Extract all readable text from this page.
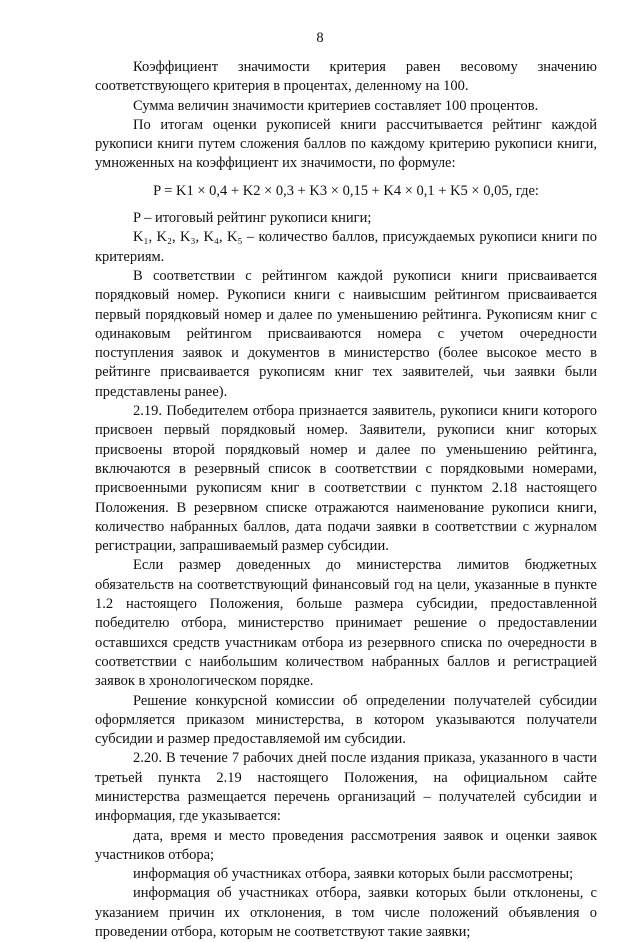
8

Коэффициент значимости критерия равен весовому значению соответствующего критерия в процентах, деленному на 100.

Сумма величин значимости критериев составляет 100 процентов.

По итогам оценки рукописей книги рассчитывается рейтинг каждой рукописи книги путем сложения баллов по каждому критерию рукописи книги, умноженных на коэффициент их значимости, по формуле:

P = K1 × 0,4 + K2 × 0,3 + K3 × 0,15 + K4 × 0,1 + K5 × 0,05, где:

P – итоговый рейтинг рукописи книги;

K₁, K₂, K₃, K₄, K₅ – количество баллов, присуждаемых рукописи книги по критериям.

В соответствии с рейтингом каждой рукописи книги присваивается порядковый номер. Рукописи книги с наивысшим рейтингом присваивается первый порядковый номер и далее по уменьшению рейтинга. Рукописям книг с одинаковым рейтингом присваиваются номера с учетом очередности поступления заявок и документов в министерство (более высокое место в рейтинге присваивается рукописям книг тех заявителей, чьи заявки были представлены ранее).

2.19. Победителем отбора признается заявитель, рукописи книги которого присвоен первый порядковый номер. Заявители, рукописи книг которых присвоены второй порядковый номер и далее по уменьшению рейтинга, включаются в резервный список в соответствии с порядковыми номерами, присвоенными рукописям книг в соответствии с пунктом 2.18 настоящего Положения. В резервном списке отражаются наименование рукописи книги, количество набранных баллов, дата подачи заявки в соответствии с журналом регистрации, запрашиваемый размер субсидии.

Если размер доведенных до министерства лимитов бюджетных обязательств на соответствующий финансовый год на цели, указанные в пункте 1.2 настоящего Положения, больше размера субсидии, предоставленной победителю отбора, министерство принимает решение о предоставлении оставшихся средств участникам отбора из резервного списка по очередности в соответствии с наибольшим количеством набранных баллов и регистрацией заявок в хронологическом порядке.

Решение конкурсной комиссии об определении получателей субсидии оформляется приказом министерства, в котором указываются получатели субсидии и размер предоставляемой им субсидии.

2.20. В течение 7 рабочих дней после издания приказа, указанного в части третьей пункта 2.19 настоящего Положения, на официальном сайте министерства размещается перечень организаций – получателей субсидии и информация, где указывается:

дата, время и место проведения рассмотрения заявок и оценки заявок участников отбора;

информация об участниках отбора, заявки которых были рассмотрены;

информация об участниках отбора, заявки которых были отклонены, с указанием причин их отклонения, в том числе положений объявления о проведении отбора, которым не соответствуют такие заявки;
